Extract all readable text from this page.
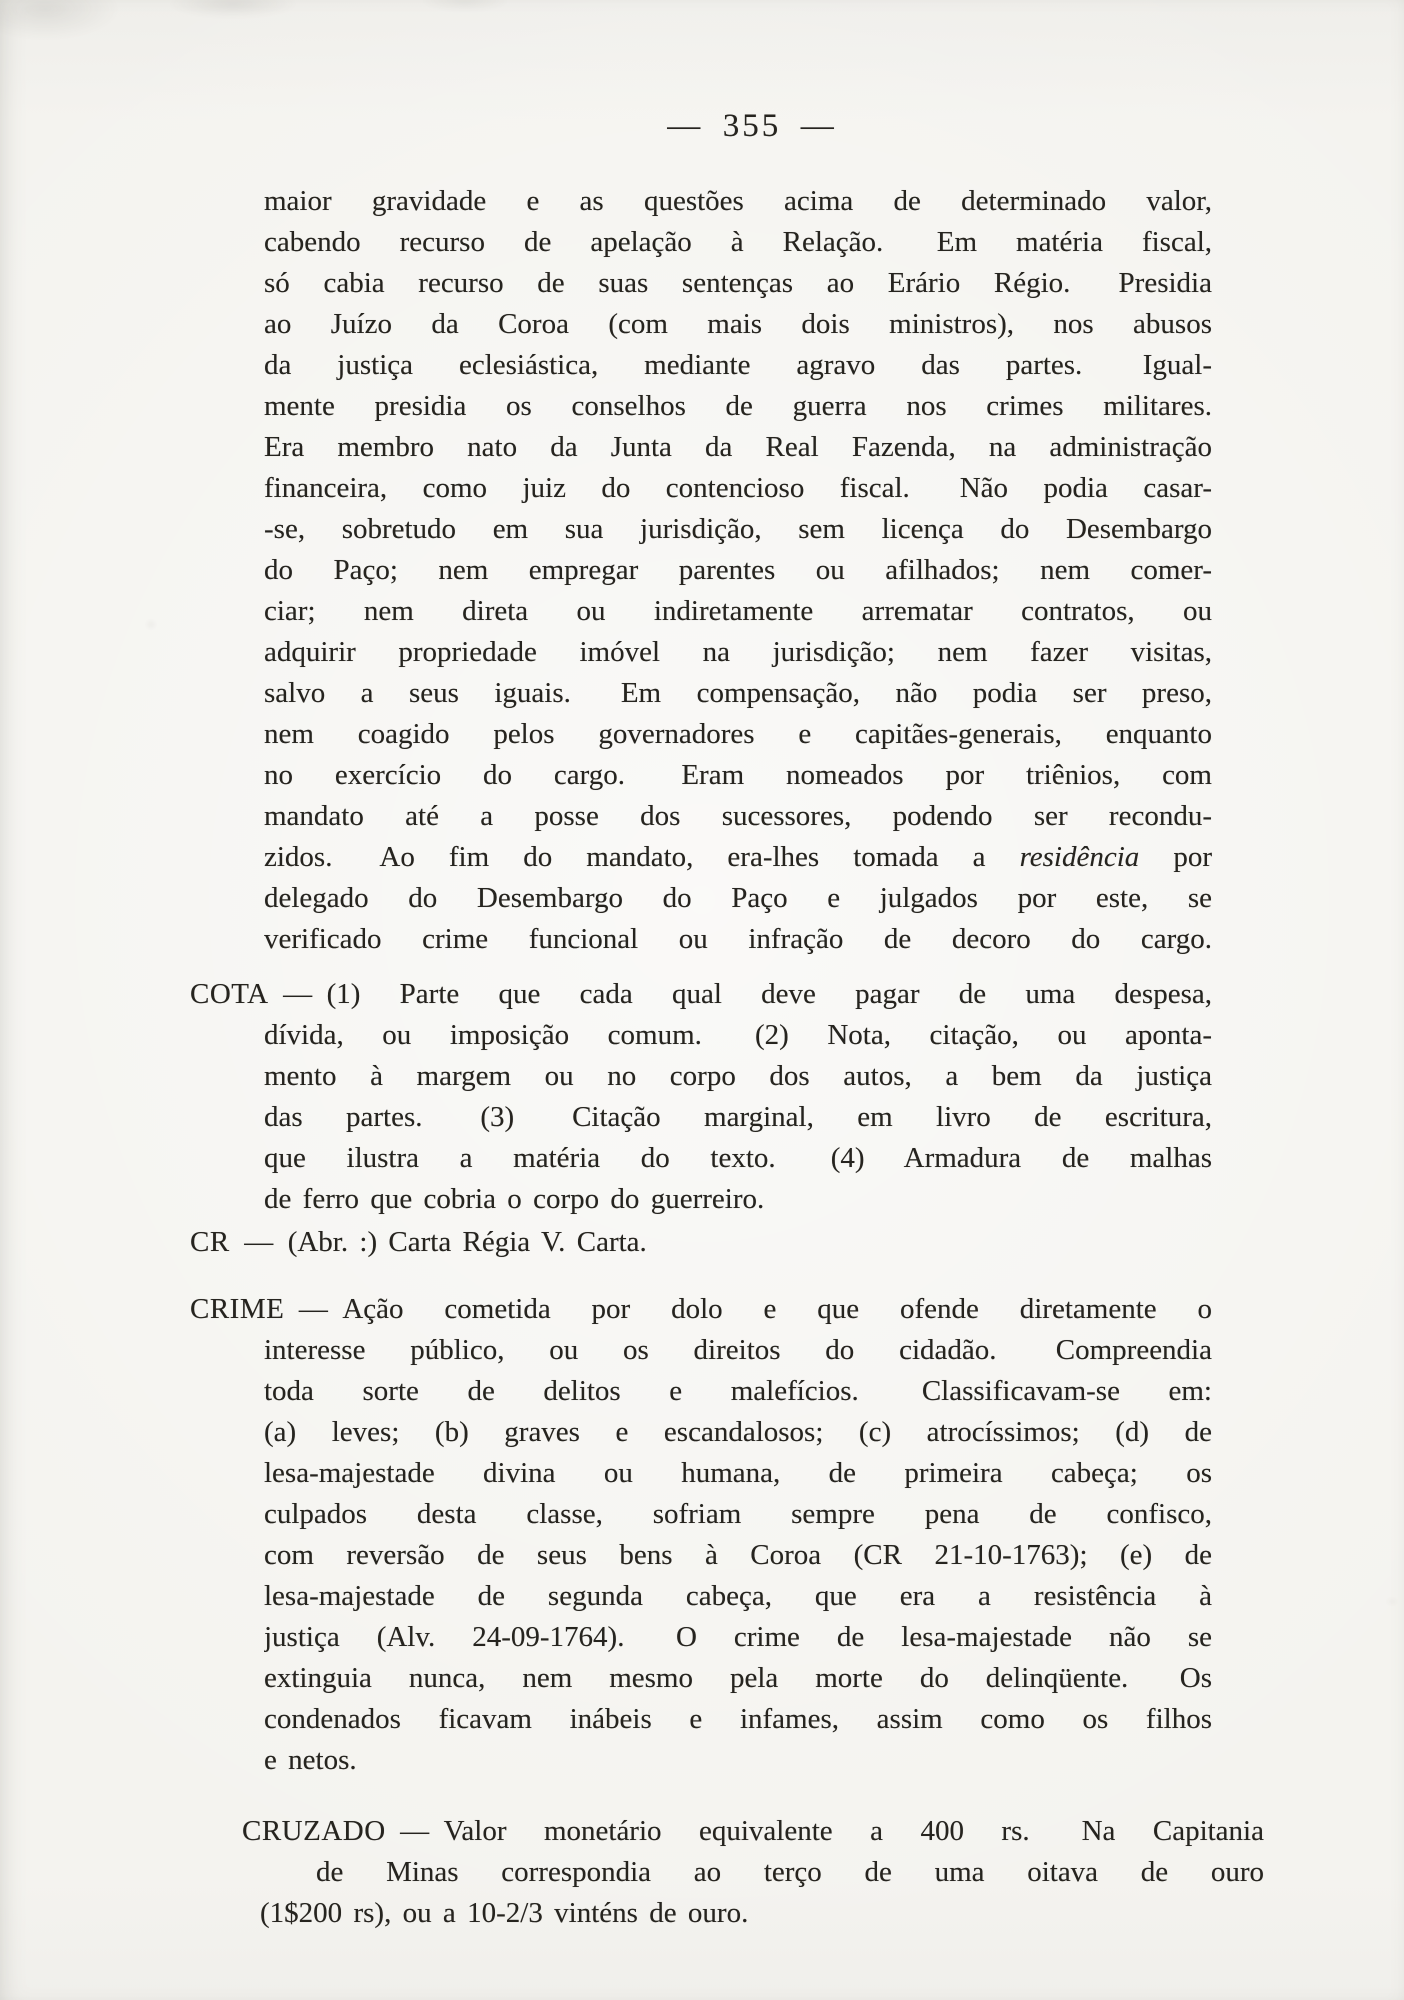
— 355 —
maior gravidade e as questões acima de determinado valor,
cabendo recurso de apelação à Relação.  Em matéria fiscal,
só cabia recurso de suas sentenças ao Erário Régio.  Presidia
ao Juízo da Coroa (com mais dois ministros), nos abusos
da justiça eclesiástica, mediante agravo das partes.  Igual-
mente presidia os conselhos de guerra nos crimes militares.
Era membro nato da Junta da Real Fazenda, na administração
financeira, como juiz do contencioso fiscal.  Não podia casar-
-se, sobretudo em sua jurisdição, sem licença do Desembargo
do Paço; nem empregar parentes ou afilhados; nem comer-
ciar; nem direta ou indiretamente arrematar contratos, ou
adquirir propriedade imóvel na jurisdição; nem fazer visitas,
salvo a seus iguais.  Em compensação, não podia ser preso,
nem coagido pelos governadores e capitães-generais, enquanto
no exercício do cargo.  Eram nomeados por triênios, com
mandato até a posse dos sucessores, podendo ser recondu-
zidos.  Ao fim do mandato, era-lhes tomada a residência por
delegado do Desembargo do Paço e julgados por este, se
verificado crime funcional ou infração de decoro do cargo.
COTA — (1) Parte que cada qual deve pagar de uma despesa,
dívida, ou imposição comum.  (2) Nota, citação, ou aponta-
mento à margem ou no corpo dos autos, a bem da justiça
das partes.  (3)  Citação marginal, em livro de escritura,
que ilustra a matéria do texto.  (4) Armadura de malhas
de ferro que cobria o corpo do guerreiro.
CR — (Abr. :) Carta Régia V. Carta.
CRIME — Ação cometida por dolo e que ofende diretamente o
interesse público, ou os direitos do cidadão.  Compreendia
toda sorte de delitos e malefícios.  Classificavam-se em:
(a) leves; (b) graves e escandalosos; (c) atrocíssimos; (d) de
lesa-majestade divina ou humana, de primeira cabeça; os
culpados desta classe, sofriam sempre pena de confisco,
com reversão de seus bens à Coroa (CR 21-10-1763); (e) de
lesa-majestade de segunda cabeça, que era a resistência à
justiça (Alv. 24-09-1764).  O crime de lesa-majestade não se
extinguia nunca, nem mesmo pela morte do delinqüente.  Os
condenados ficavam inábeis e infames, assim como os filhos
e netos.
CRUZADO — Valor monetário equivalente a 400 rs.  Na Capitania
de Minas correspondia ao terço de uma oitava de ouro
(1$200 rs), ou a 10-2/3 vinténs de ouro.
